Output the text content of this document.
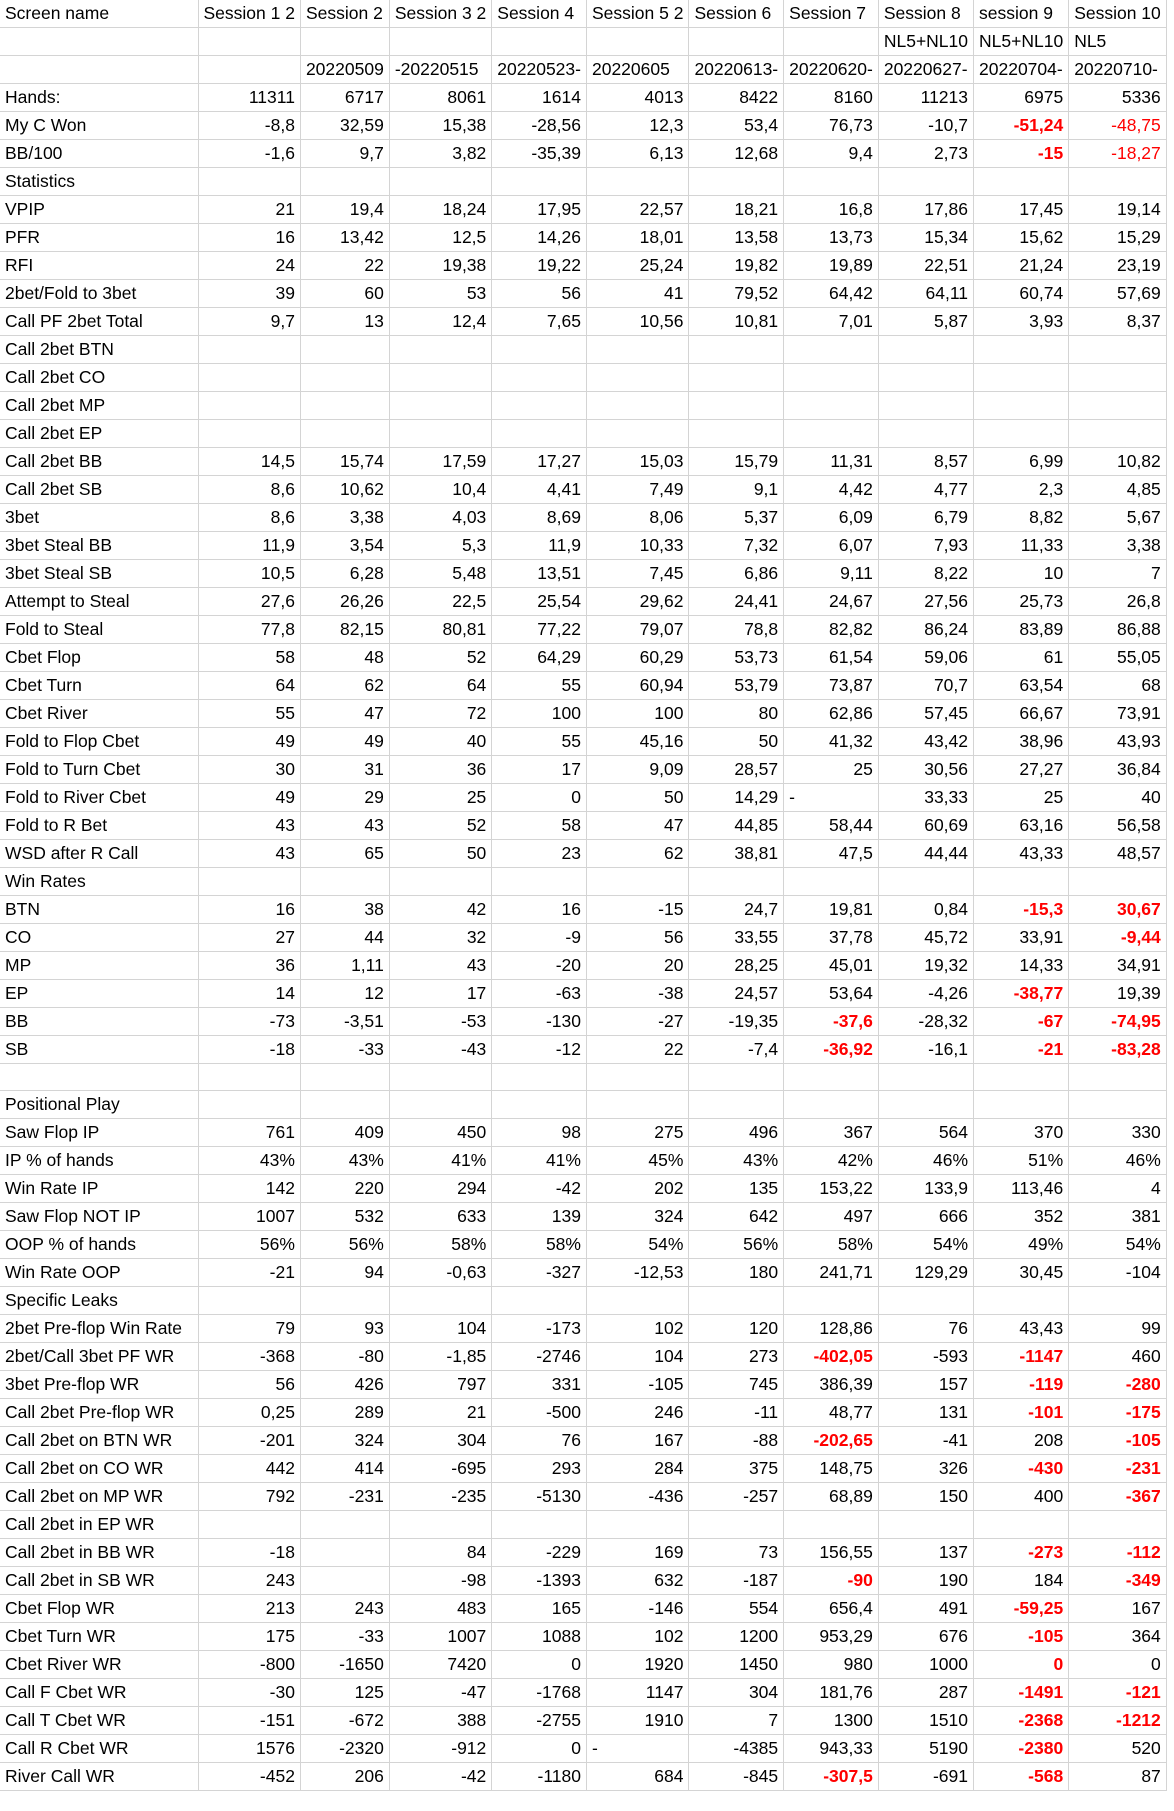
Screen name	Session 1 2	Session 2	Session 3 2	Session 4	Session 5 2	Session 6	Session 7	Session 8	session 9	Session 10
								NL5+NL10	NL5+NL10	NL5
		20220509	-20220515	20220523-	20220605	20220613-	20220620-	20220627-	20220704-	20220710-
Hands:	11311	6717	8061	1614	4013	8422	8160	11213	6975	5336
My C Won	-8,8	32,59	15,38	-28,56	12,3	53,4	76,73	-10,7	-51,24	-48,75
BB/100	-1,6	9,7	3,82	-35,39	6,13	12,68	9,4	2,73	-15	-18,27
Statistics										
VPIP	21	19,4	18,24	17,95	22,57	18,21	16,8	17,86	17,45	19,14
PFR	16	13,42	12,5	14,26	18,01	13,58	13,73	15,34	15,62	15,29
RFI	24	22	19,38	19,22	25,24	19,82	19,89	22,51	21,24	23,19
2bet/Fold to 3bet	39	60	53	56	41	79,52	64,42	64,11	60,74	57,69
Call PF 2bet Total	9,7	13	12,4	7,65	10,56	10,81	7,01	5,87	3,93	8,37
Call 2bet BTN										
Call 2bet CO										
Call 2bet MP										
Call 2bet EP										
Call 2bet BB	14,5	15,74	17,59	17,27	15,03	15,79	11,31	8,57	6,99	10,82
Call 2bet SB	8,6	10,62	10,4	4,41	7,49	9,1	4,42	4,77	2,3	4,85
3bet	8,6	3,38	4,03	8,69	8,06	5,37	6,09	6,79	8,82	5,67
3bet Steal BB	11,9	3,54	5,3	11,9	10,33	7,32	6,07	7,93	11,33	3,38
3bet Steal SB	10,5	6,28	5,48	13,51	7,45	6,86	9,11	8,22	10	7
Attempt to Steal	27,6	26,26	22,5	25,54	29,62	24,41	24,67	27,56	25,73	26,8
Fold to Steal	77,8	82,15	80,81	77,22	79,07	78,8	82,82	86,24	83,89	86,88
Cbet Flop	58	48	52	64,29	60,29	53,73	61,54	59,06	61	55,05
Cbet Turn	64	62	64	55	60,94	53,79	73,87	70,7	63,54	68
Cbet River	55	47	72	100	100	80	62,86	57,45	66,67	73,91
Fold to Flop Cbet	49	49	40	55	45,16	50	41,32	43,42	38,96	43,93
Fold to Turn Cbet	30	31	36	17	9,09	28,57	25	30,56	27,27	36,84
Fold to River Cbet	49	29	25	0	50	14,29	-	33,33	25	40
Fold to R Bet	43	43	52	58	47	44,85	58,44	60,69	63,16	56,58
WSD after R Call	43	65	50	23	62	38,81	47,5	44,44	43,33	48,57
Win Rates										
BTN	16	38	42	16	-15	24,7	19,81	0,84	-15,3	30,67
CO	27	44	32	-9	56	33,55	37,78	45,72	33,91	-9,44
MP	36	1,11	43	-20	20	28,25	45,01	19,32	14,33	34,91
EP	14	12	17	-63	-38	24,57	53,64	-4,26	-38,77	19,39
BB	-73	-3,51	-53	-130	-27	-19,35	-37,6	-28,32	-67	-74,95
SB	-18	-33	-43	-12	22	-7,4	-36,92	-16,1	-21	-83,28

Positional Play										
Saw Flop IP	761	409	450	98	275	496	367	564	370	330
IP % of hands	43%	43%	41%	41%	45%	43%	42%	46%	51%	46%
Win Rate IP	142	220	294	-42	202	135	153,22	133,9	113,46	4
Saw Flop NOT IP	1007	532	633	139	324	642	497	666	352	381
OOP % of hands	56%	56%	58%	58%	54%	56%	58%	54%	49%	54%
Win Rate OOP	-21	94	-0,63	-327	-12,53	180	241,71	129,29	30,45	-104
Specific Leaks										
2bet Pre-flop Win Rate	79	93	104	-173	102	120	128,86	76	43,43	99
2bet/Call 3bet PF WR	-368	-80	-1,85	-2746	104	273	-402,05	-593	-1147	460
3bet Pre-flop WR	56	426	797	331	-105	745	386,39	157	-119	-280
Call 2bet Pre-flop WR	0,25	289	21	-500	246	-11	48,77	131	-101	-175
Call 2bet on BTN WR	-201	324	304	76	167	-88	-202,65	-41	208	-105
Call 2bet on CO WR	442	414	-695	293	284	375	148,75	326	-430	-231
Call 2bet on MP WR	792	-231	-235	-5130	-436	-257	68,89	150	400	-367
Call 2bet in EP WR										
Call 2bet in BB WR	-18		84	-229	169	73	156,55	137	-273	-112
Call 2bet in SB WR	243		-98	-1393	632	-187	-90	190	184	-349
Cbet Flop WR	213	243	483	165	-146	554	656,4	491	-59,25	167
Cbet Turn WR	175	-33	1007	1088	102	1200	953,29	676	-105	364
Cbet River WR	-800	-1650	7420	0	1920	1450	980	1000	0	0
Call F Cbet WR	-30	125	-47	-1768	1147	304	181,76	287	-1491	-121
Call T Cbet WR	-151	-672	388	-2755	1910	7	1300	1510	-2368	-1212
Call R Cbet WR	1576	-2320	-912	0	-	-4385	943,33	5190	-2380	520
River Call WR	-452	206	-42	-1180	684	-845	-307,5	-691	-568	87
